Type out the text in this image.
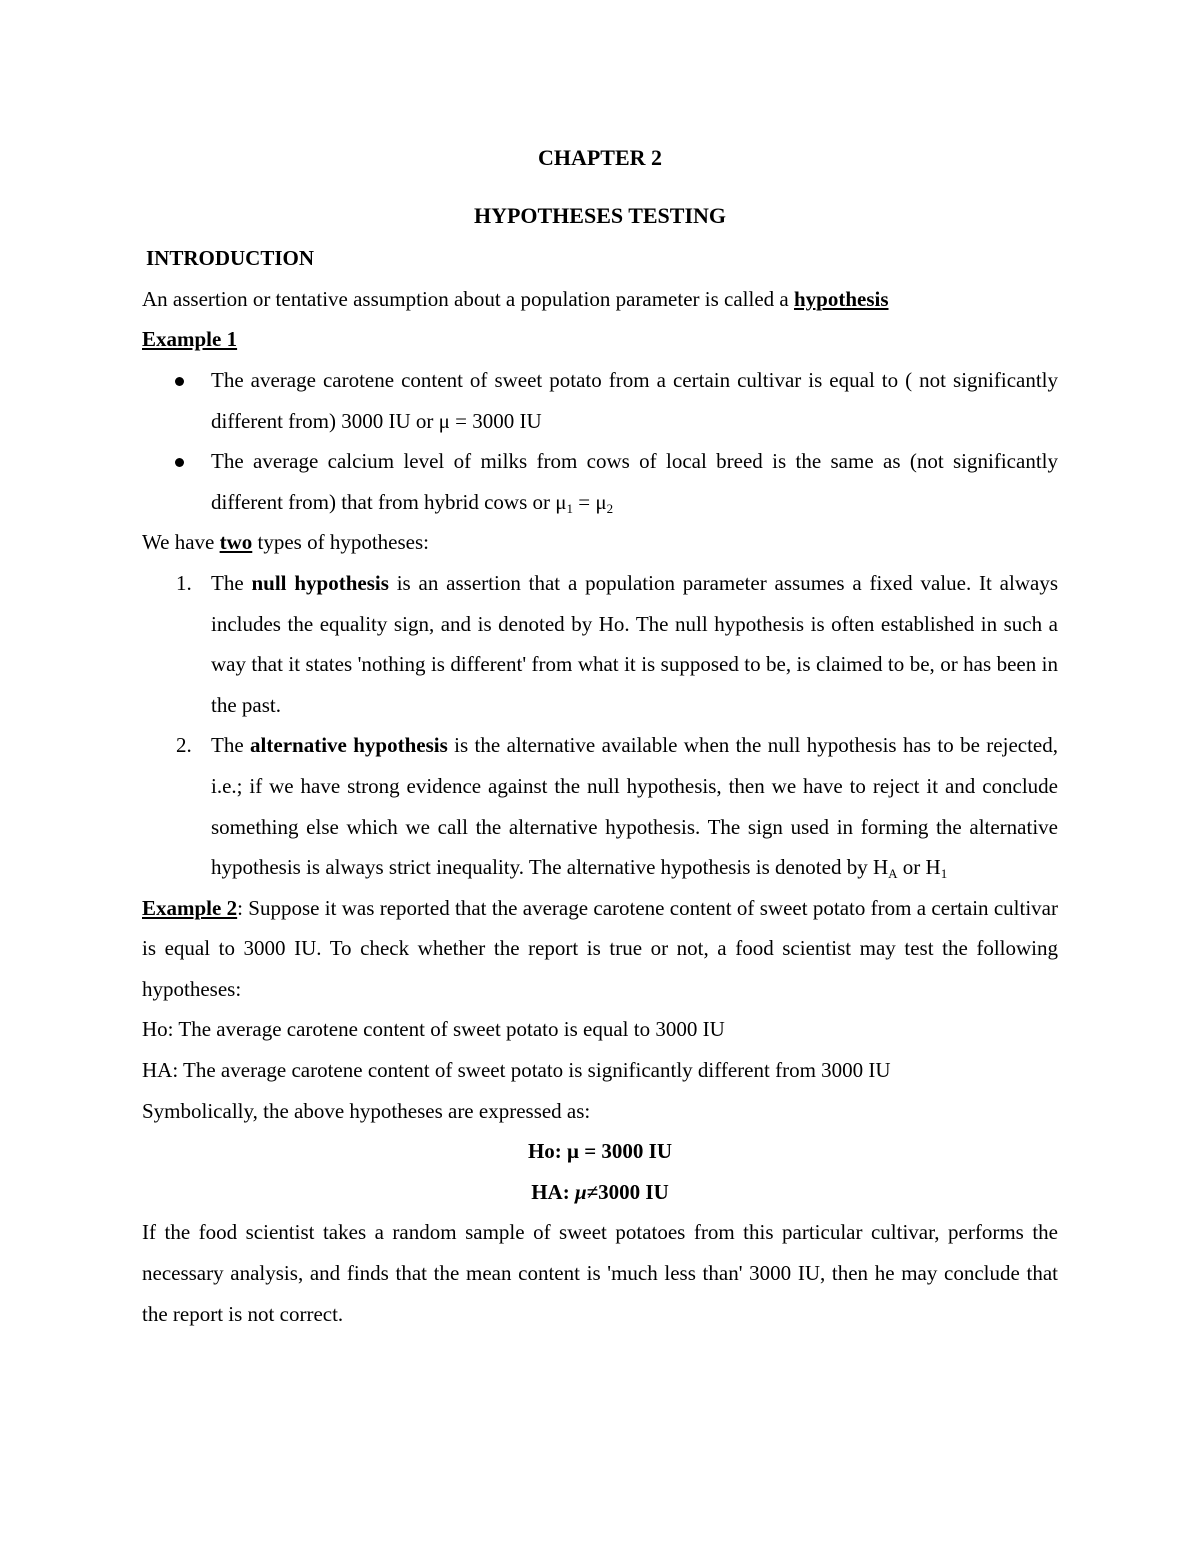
CHAPTER 2
HYPOTHESES TESTING
INTRODUCTION
An assertion or tentative assumption about a population parameter is called a hypothesis
Example 1
The average carotene content of sweet potato from a certain cultivar is equal to ( not significantly different from) 3000 IU or μ = 3000 IU
The average calcium level of milks from cows of local breed is the same as (not significantly different from) that from hybrid cows or $\mu_1 = \mu_2$
We have two types of hypotheses:
1. The null hypothesis is an assertion that a population parameter assumes a fixed value. It always includes the equality sign, and is denoted by Ho. The null hypothesis is often established in such a way that it states 'nothing is different' from what it is supposed to be, is claimed to be, or has been in the past.
2. The alternative hypothesis is the alternative available when the null hypothesis has to be rejected, i.e.; if we have strong evidence against the null hypothesis, then we have to reject it and conclude something else which we call the alternative hypothesis. The sign used in forming the alternative hypothesis is always strict inequality. The alternative hypothesis is denoted by $H_A$ or $H_1$
Example 2: Suppose it was reported that the average carotene content of sweet potato from a certain cultivar is equal to 3000 IU. To check whether the report is true or not, a food scientist may test the following hypotheses:
Ho: The average carotene content of sweet potato is equal to 3000 IU
HA: The average carotene content of sweet potato is significantly different from 3000 IU
Symbolically, the above hypotheses are expressed as:
Ho: μ = 3000 IU
HA: μ≠3000 IU
If the food scientist takes a random sample of sweet potatoes from this particular cultivar, performs the necessary analysis, and finds that the mean content is 'much less than' 3000 IU, then he may conclude that the report is not correct.
